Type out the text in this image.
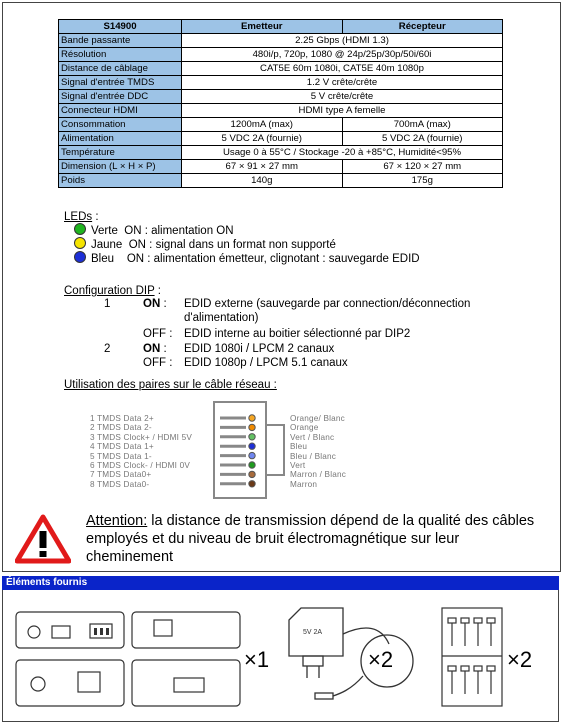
S14900	Emetteur	Récepteur
Bande passante	2.25 Gbps (HDMI 1.3)	
Résolution	480i/p, 720p, 1080 @ 24p/25p/30p/50i/60i	
Distance de câblage	CAT5E 60m 1080i, CAT5E 40m 1080p	
Signal d'entrée TMDS	1.2 V crête/crête	
Signal d'entrée DDC	5 V crête/crête	
Connecteur HDMI	HDMI type A femelle	
Consommation	1200mA (max)	700mA (max)
Alimentation	5 VDC 2A (fournie)	5 VDC 2A (fournie)
Température	Usage 0 à 55°C / Stockage -20 à +85°C, Humidité<95%	
Dimension (L × H × P)	67 × 91 × 27 mm	67 × 120 × 27 mm
Poids	140g	175g
LEDs :
Verte ON : alimentation ON
Jaune ON : signal dans un format non supporté
Bleu ON : alimentation émetteur, clignotant : sauvegarde EDID
Configuration DIP :
1	ON : EDID externe (sauvegarde par connection/déconnection
d'alimentation)
OFF : EDID interne au boitier sélectionné par DIP2
2	ON : EDID 1080i / LPCM 2 canaux
OFF : EDID 1080p / LPCM 5.1 canaux
Utilisation des paires sur le câble réseau :
1 TMDS Data 2+
2 TMDS Data 2-
3 TMDS Clock+ / HDMI 5V
4 TMDS Data 1+
5 TMDS Data 1-
6 TMDS Clock- / HDMI 0V
7 TMDS Data0+
8 TMDS Data0-
Orange/ Blanc
Orange
Vert / Blanc
Bleu
Bleu / Blanc
Vert
Marron / Blanc
Marron
Attention: la distance de transmission dépend de la qualité des câbles employés et du niveau de bruit électromagnétique sur leur cheminement
Éléments fournis
×1
5V 2A
×2	×2
